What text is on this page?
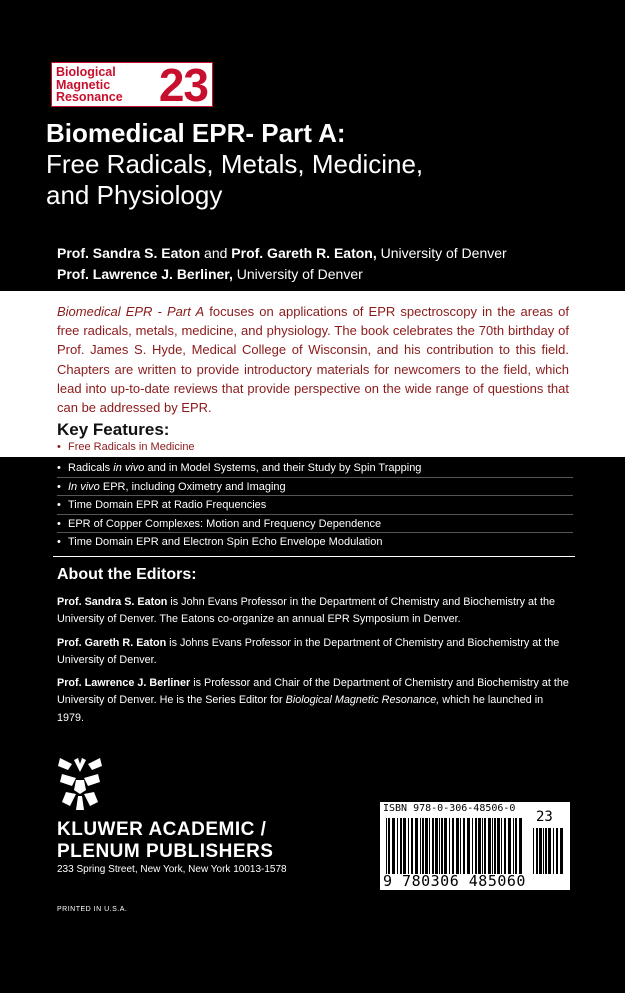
Biological
Magnetic
Resonance 23
Biomedical EPR- Part A:
Free Radicals, Metals, Medicine,
and Physiology
Prof. Sandra S. Eaton and Prof. Gareth R. Eaton, University of Denver
Prof. Lawrence J. Berliner, University of Denver
Biomedical EPR - Part A focuses on applications of EPR spectroscopy in the areas of free radicals, metals, medicine, and physiology. The book celebrates the 70th birthday of Prof. James S. Hyde, Medical College of Wisconsin, and his contribution to this field. Chapters are written to provide introductory materials for newcomers to the field, which lead into up-to-date reviews that provide perspective on the wide range of questions that can be addressed by EPR.
Key Features:
• Free Radicals in Medicine
• Radicals in vivo and in Model Systems, and their Study by Spin Trapping
• In vivo EPR, including Oximetry and Imaging
• Time Domain EPR at Radio Frequencies
• EPR of Copper Complexes: Motion and Frequency Dependence
• Time Domain EPR and Electron Spin Echo Envelope Modulation
About the Editors:

Prof. Sandra S. Eaton is John Evans Professor in the Department of Chemistry and Biochemistry at the University of Denver. The Eatons co-organize an annual EPR Symposium in Denver.

Prof. Gareth R. Eaton is Johns Evans Professor in the Department of Chemistry and Biochemistry at the University of Denver.

Prof. Lawrence J. Berliner is Professor and Chair of the Department of Chemistry and Biochemistry at the University of Denver. He is the Series Editor for Biological Magnetic Resonance, which he launched in 1979.

KLUWER ACADEMIC /
PLENUM PUBLISHERS
233 Spring Street, New York, New York 10013-1578
PRINTED IN U.S.A.
ISBN 978-0-306-48506-0
23
9 780306 485060
